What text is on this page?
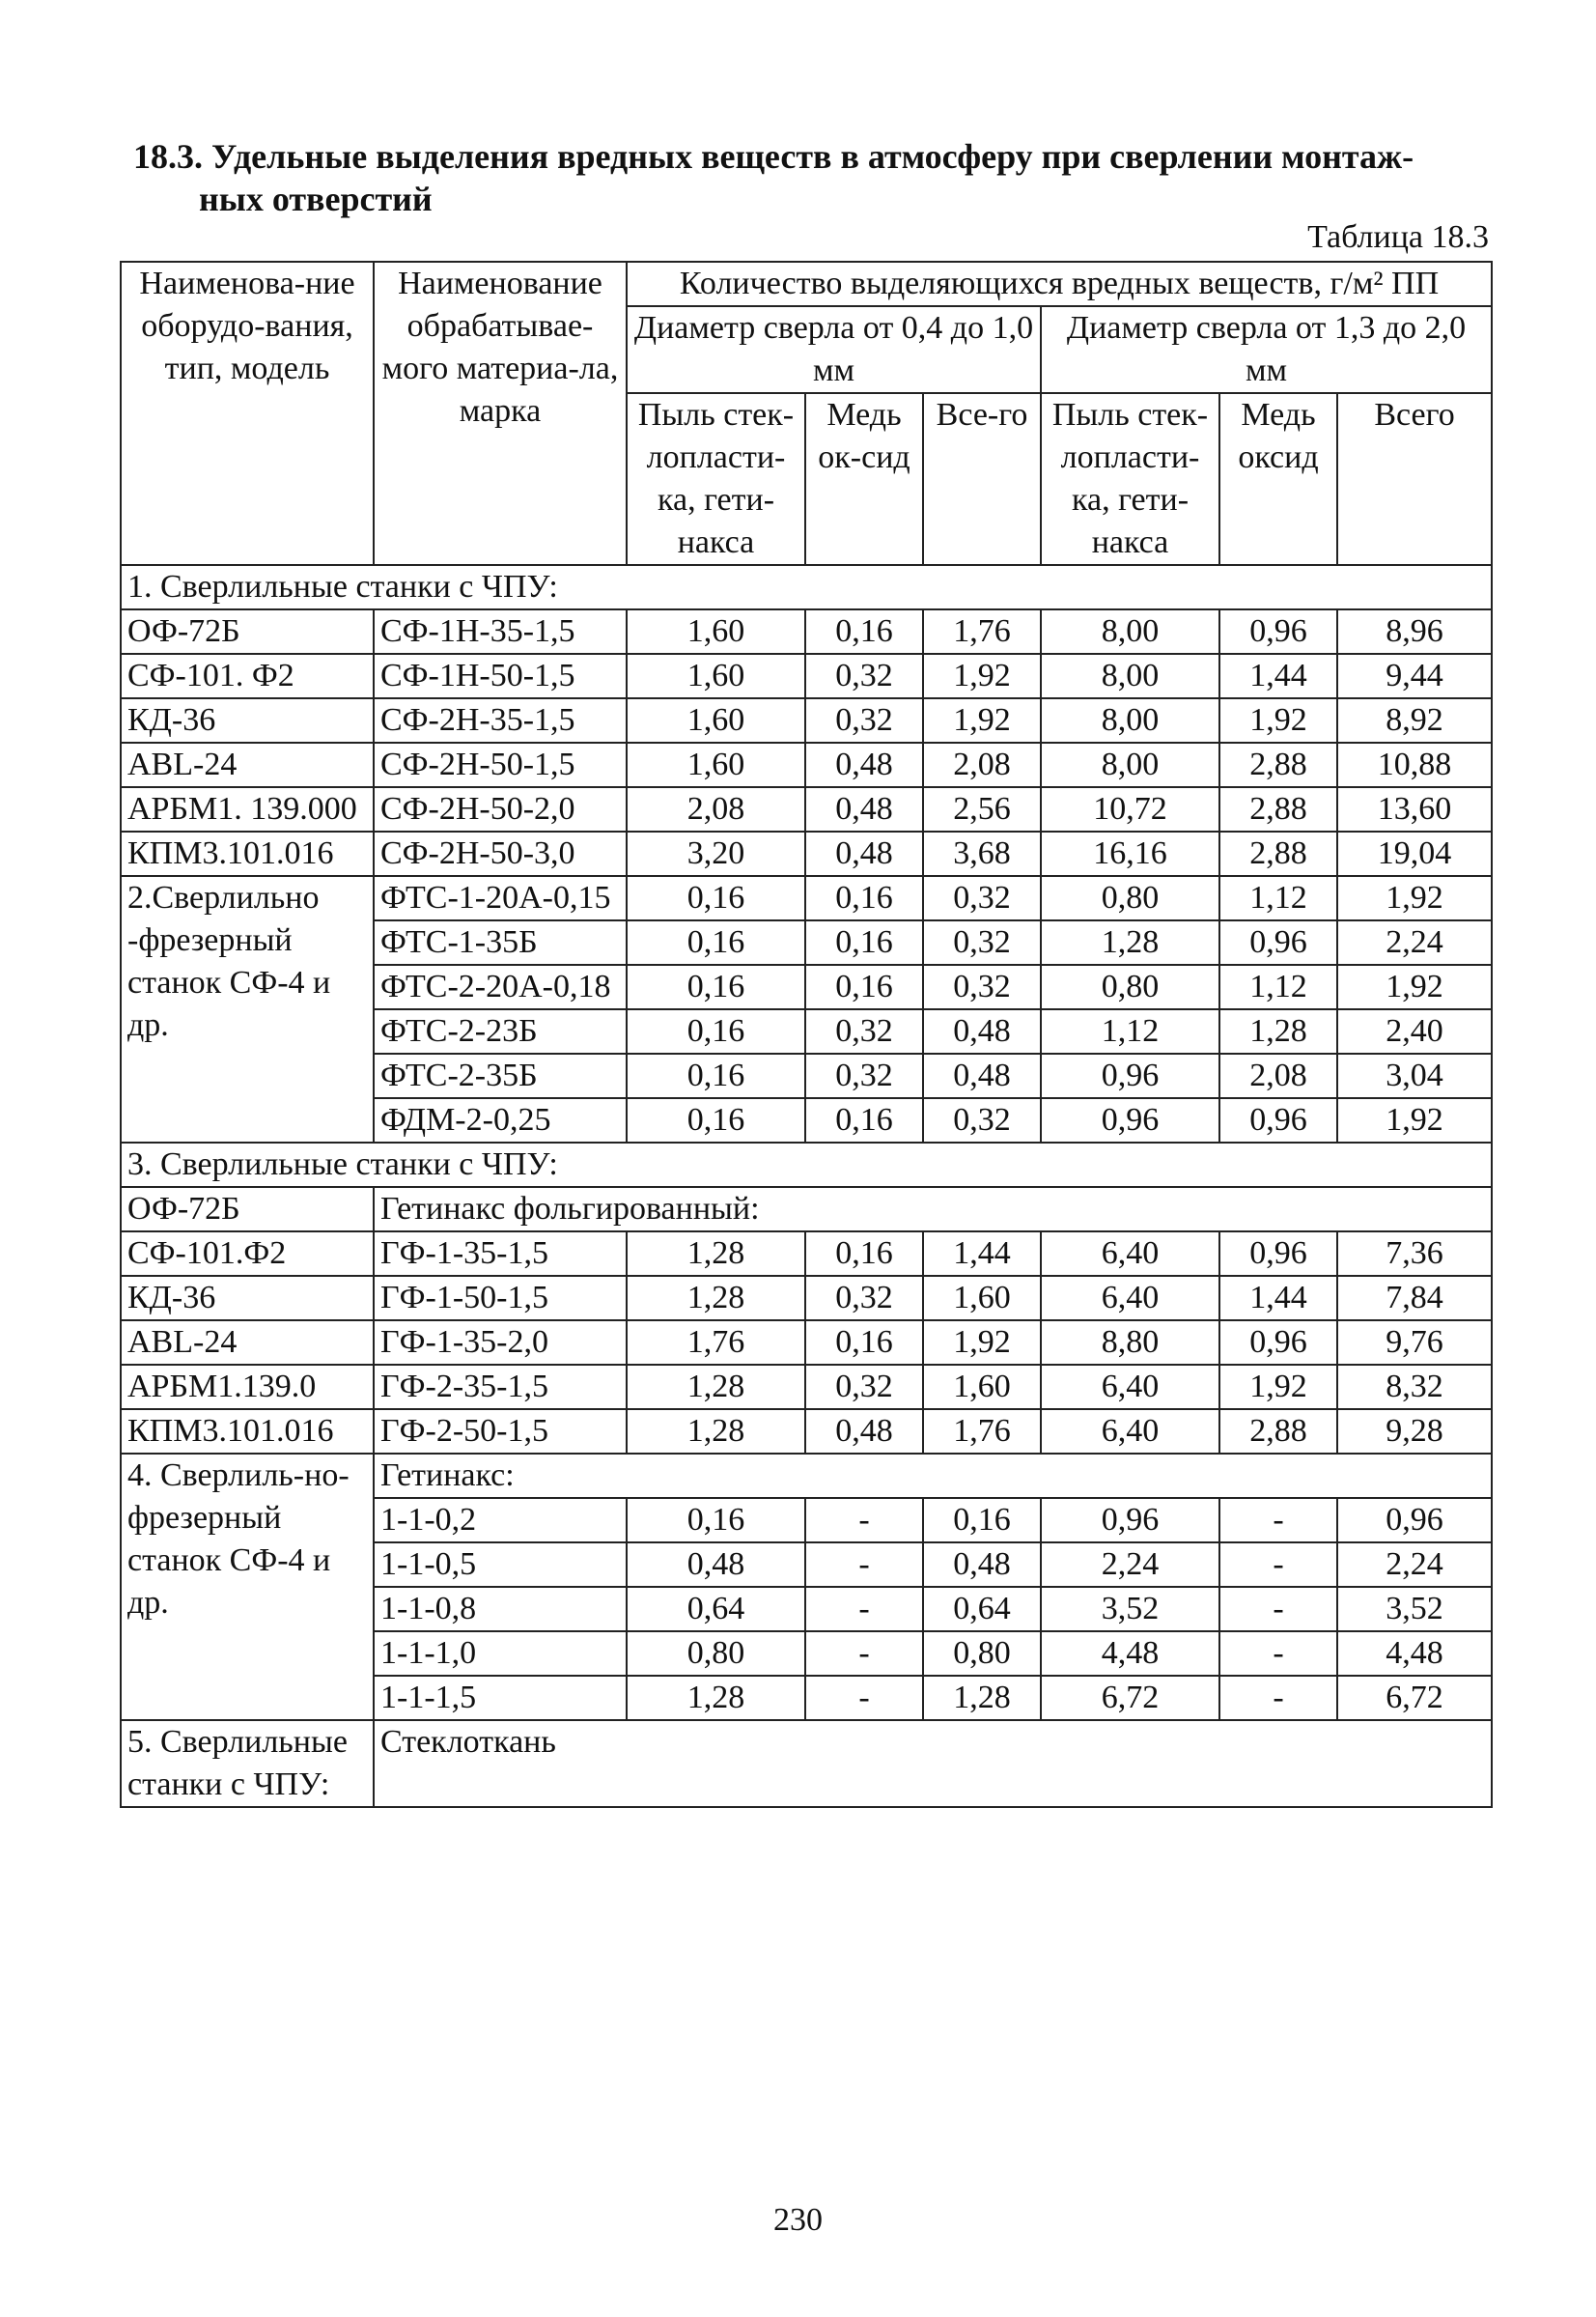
18.3. Удельные выделения вредных веществ в атмосферу при сверлении монтаж-
ных отверстий
Таблица 18.3
Наименова-ние оборудо-вания, тип, модель	Наименование обрабатывае-мого материа-ла, марка	Количество выделяющихся вредных веществ, г/м² ПП					
		Диаметр сверла от 0,4 до 1,0 мм			Диаметр сверла от 1,3 до 2,0 мм		
		Пыль стек-лопласти-ка, гети-накса	Медь ок-сид	Все-го	Пыль стек-лопласти-ка, гети-накса	Медь оксид	Всего
1. Сверлильные станки с ЧПУ:							
ОФ-72Б	СФ-1Н-35-1,5	1,60	0,16	1,76	8,00	0,96	8,96
СФ-101. Ф2	СФ-1Н-50-1,5	1,60	0,32	1,92	8,00	1,44	9,44
КД-36	СФ-2Н-35-1,5	1,60	0,32	1,92	8,00	1,92	8,92
ABL-24	СФ-2Н-50-1,5	1,60	0,48	2,08	8,00	2,88	10,88
АРБМ1. 139.000	СФ-2Н-50-2,0	2,08	0,48	2,56	10,72	2,88	13,60
КПМ3.101.016	СФ-2Н-50-3,0	3,20	0,48	3,68	16,16	2,88	19,04
2.Сверлильно -фрезерный станок СФ-4 и др.	ФТС-1-20А-0,15	0,16	0,16	0,32	0,80	1,12	1,92
	ФТС-1-35Б	0,16	0,16	0,32	1,28	0,96	2,24
	ФТС-2-20А-0,18	0,16	0,16	0,32	0,80	1,12	1,92
	ФТС-2-23Б	0,16	0,32	0,48	1,12	1,28	2,40
	ФТС-2-35Б	0,16	0,32	0,48	0,96	2,08	3,04
	ФДМ-2-0,25	0,16	0,16	0,32	0,96	0,96	1,92
3. Сверлильные станки с ЧПУ:							
ОФ-72Б	Гетинакс фольгированный:						
СФ-101.Ф2	ГФ-1-35-1,5	1,28	0,16	1,44	6,40	0,96	7,36
КД-36	ГФ-1-50-1,5	1,28	0,32	1,60	6,40	1,44	7,84
ABL-24	ГФ-1-35-2,0	1,76	0,16	1,92	8,80	0,96	9,76
АРБМ1.139.0	ГФ-2-35-1,5	1,28	0,32	1,60	6,40	1,92	8,32
КПМ3.101.016	ГФ-2-50-1,5	1,28	0,48	1,76	6,40	2,88	9,28
4. Сверлиль-но-фрезерный станок СФ-4 и др.	Гетинакс:						
	1-1-0,2	0,16	-	0,16	0,96	-	0,96
	1-1-0,5	0,48	-	0,48	2,24	-	2,24
	1-1-0,8	0,64	-	0,64	3,52	-	3,52
	1-1-1,0	0,80	-	0,80	4,48	-	4,48
	1-1-1,5	1,28	-	1,28	6,72	-	6,72
5. Сверлильные станки с ЧПУ:	Стеклоткань						
230
